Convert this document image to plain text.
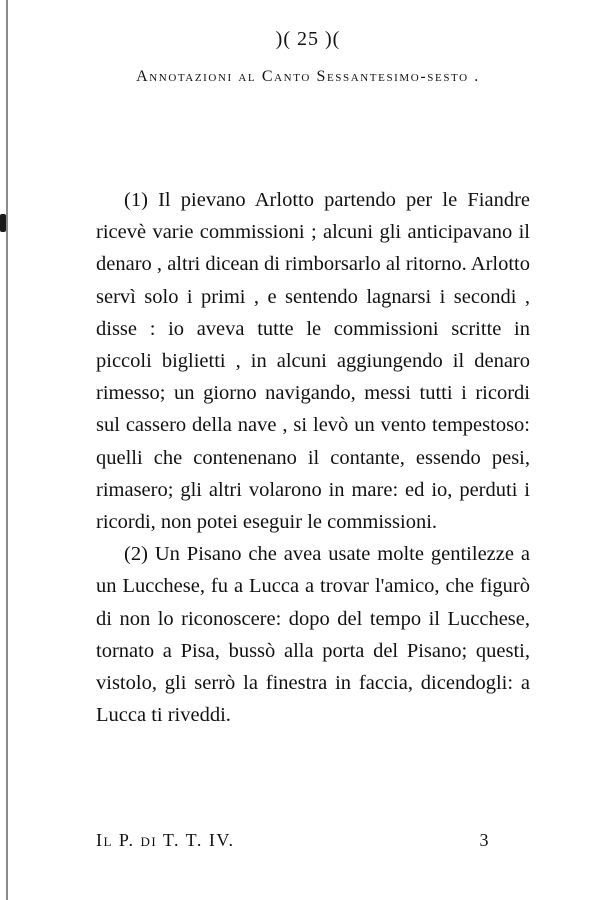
)( 25 )(
Annotazioni al Canto Sessantesimo-sesto .

(1) Il pievano Arlotto partendo per le Fiandre ricevè varie commissioni ; alcuni gli anticipavano il denaro , altri dicean di rimborsarlo al ritorno. Arlotto servì solo i primi , e sentendo lagnarsi i secondi , disse : io aveva tutte le commissioni scritte in piccoli biglietti , in alcuni aggiungendo il denaro rimesso; un giorno navigando, messi tutti i ricordi sul cassero della nave , si levò un vento tempestoso: quelli che contenenano il contante, essendo pesi, rimasero; gli altri volarono in mare: ed io, perduti i ricordi, non potei eseguir le commissioni.

(2) Un Pisano che avea usate molte gentilezze a un Lucchese, fu a Lucca a trovar l'amico, che figurò di non lo riconoscere: dopo del tempo il Lucchese, tornato a Pisa, bussò alla porta del Pisano; questi, vistolo, gli serrò la finestra in faccia, dicendogli: a Lucca ti riveddi.

Il P. di T. T. IV.	3
